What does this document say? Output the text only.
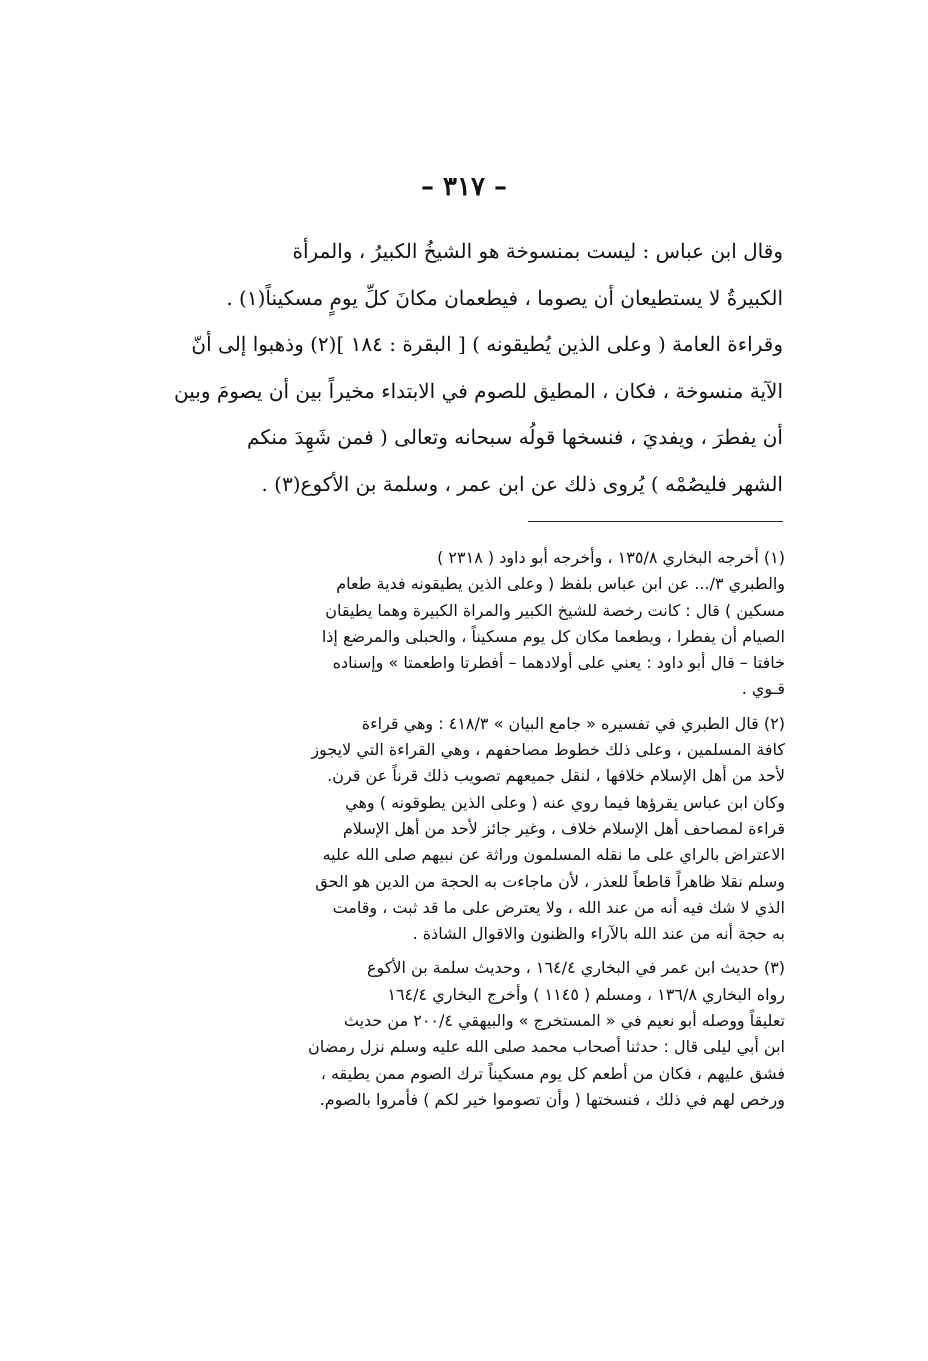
– ٣١٧ –
وقال ابن عباس : ليست بمنسوخة هو الشيخُ الكبيرُ ، والمرأة
الكبيرةُ لا يستطيعان أن يصوما ، فيطعمان مكانَ كلِّ يومٍ مسكيناً(١) .
وقراءة العامة ( وعلى الذين يُطيقونه ) [ البقرة : ١٨٤ ](٢) وذهبوا إلى أنّ
الآية منسوخة ، فكان ، المطيق للصوم في الابتداء مخيراً بين أن يصومَ وبين
أن يفطرَ ، ويفديَ ، فنسخها قولُه سبحانه وتعالى ( فمن شَهِدَ منكم
الشهر فليصُمْه ) يُروى ذلك عن ابن عمر ، وسلمة بن الأكوع(٣) .
(١) أخرجه البخاري ١٣٥/٨ ، وأخرجه أبو داود ( ٢٣١٨ )
والطبري ٣/... عن ابن عباس بلفظ ( وعلى الذين يطيقونه فدية طعام
مسكين ) قال : كانت رخصة للشيخ الكبير والمراة الكبيرة وهما يطيقان
الصيام أن يفطرا ، ويطعما مكان كل يوم مسكيناً ، والحبلى والمرضع إذا
خافتا – قال أبو داود : يعني على أولادهما – أفطرتا واطعمتا » وإسناده
قـوي .
(٢) قال الطبري في تفسيره « جامع البيان » ٤١٨/٣ : وهي قراءة
كافة المسلمين ، وعلى ذلك خطوط مصاحفهم ، وهي القراءة التي لايجوز
لأحد من أهل الإسلام خلافها ، لنقل جميعهم تصويب ذلك قرناً عن قرن.
وكان ابن عباس يقرؤها فيما روي عنه ( وعلى الذين يطوقونه ) وهي
قراءة لمصاحف أهل الإسلام خلاف ، وغير جائز لأحد من أهل الإسلام
الاعتراض بالراي على ما نقله المسلمون وراثة عن نبيهم صلى الله عليه
وسلم نقلا ظاهراً قاطعاً للعذر ، لأن ماجاءت به الحجة من الدين هو الحق
الذي لا شك فيه أنه من عند الله ، ولا يعترض على ما قد ثبت ، وقامت
به حجة أنه من عند الله بالآراء والظنون والاقوال الشاذة .
(٣) حديث ابن عمر في البخاري ١٦٤/٤ ، وحديث سلمة بن الأكوع
رواه البخاري ١٣٦/٨ ، ومسلم ( ١١٤٥ ) وأخرج البخاري ١٦٤/٤
تعليقاً ووصله أبو نعيم في « المستخرج » والبيهقي ٢٠٠/٤ من حديث
ابن أبي ليلى قال : حدثنا أصحاب محمد صلى الله عليه وسلم نزل رمضان
فشق عليهم ، فكان من أطعم كل يوم مسكيناً ترك الصوم ممن يطيقه ،
ورخص لهم في ذلك ، فنسختها ( وأن تصوموا خير لكم ) فأمروا بالصوم.
